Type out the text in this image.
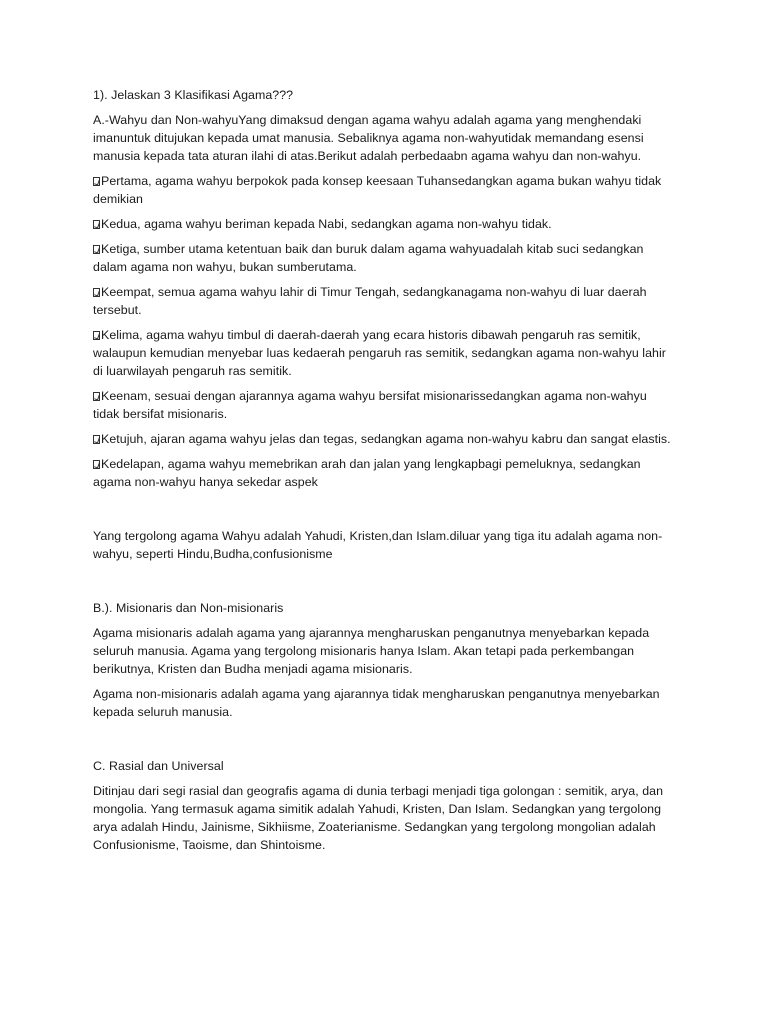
1). Jelaskan 3 Klasifikasi Agama???

A.-Wahyu dan Non-wahyuYang dimaksud dengan agama wahyu adalah agama yang menghendaki imanuntuk ditujukan kepada umat manusia. Sebaliknya agama non-wahyutidak memandang esensi manusia kepada tata aturan ilahi di atas.Berikut adalah perbedaabn agama wahyu dan non-wahyu.

Pertama, agama wahyu berpokok pada konsep keesaan Tuhansedangkan agama bukan wahyu tidak demikian

Kedua, agama wahyu beriman kepada Nabi, sedangkan agama non-wahyu tidak.

Ketiga, sumber utama ketentuan baik dan buruk dalam agama wahyuadalah kitab suci sedangkan dalam agama non wahyu, bukan sumberutama.

Keempat, semua agama wahyu lahir di Timur Tengah, sedangkanagama non-wahyu di luar daerah tersebut.

Kelima, agama wahyu timbul di daerah-daerah yang ecara historis dibawah pengaruh ras semitik, walaupun kemudian menyebar luas kedaerah pengaruh ras semitik, sedangkan agama non-wahyu lahir di luarwilayah pengaruh ras semitik.

Keenam, sesuai dengan ajarannya agama wahyu bersifat misionarissedangkan agama non-wahyu tidak bersifat misionaris.

Ketujuh, ajaran agama wahyu jelas dan tegas, sedangkan agama non-wahyu kabru dan sangat elastis.

Kedelapan, agama wahyu memebrikan arah dan jalan yang lengkapbagi pemeluknya, sedangkan agama non-wahyu hanya sekedar aspek

Yang tergolong agama Wahyu adalah Yahudi, Kristen,dan Islam.diluar yang tiga itu adalah agama non-wahyu, seperti Hindu,Budha,confusionisme

B.). Misionaris dan Non-misionaris

Agama misionaris adalah agama yang ajarannya mengharuskan penganutnya menyebarkan kepada seluruh manusia. Agama yang tergolong misionaris hanya Islam. Akan tetapi pada perkembangan berikutnya, Kristen dan Budha menjadi agama misionaris.

Agama non-misionaris adalah agama yang ajarannya tidak mengharuskan penganutnya menyebarkan kepada seluruh manusia.

C. Rasial dan Universal

Ditinjau dari segi rasial dan geografis agama di dunia terbagi menjadi tiga golongan : semitik, arya, dan mongolia. Yang termasuk agama simitik adalah Yahudi, Kristen, Dan Islam. Sedangkan yang tergolong arya adalah Hindu, Jainisme, Sikhiisme, Zoaterianisme. Sedangkan yang tergolong mongolian adalah Confusionisme, Taoisme, dan Shintoisme.
